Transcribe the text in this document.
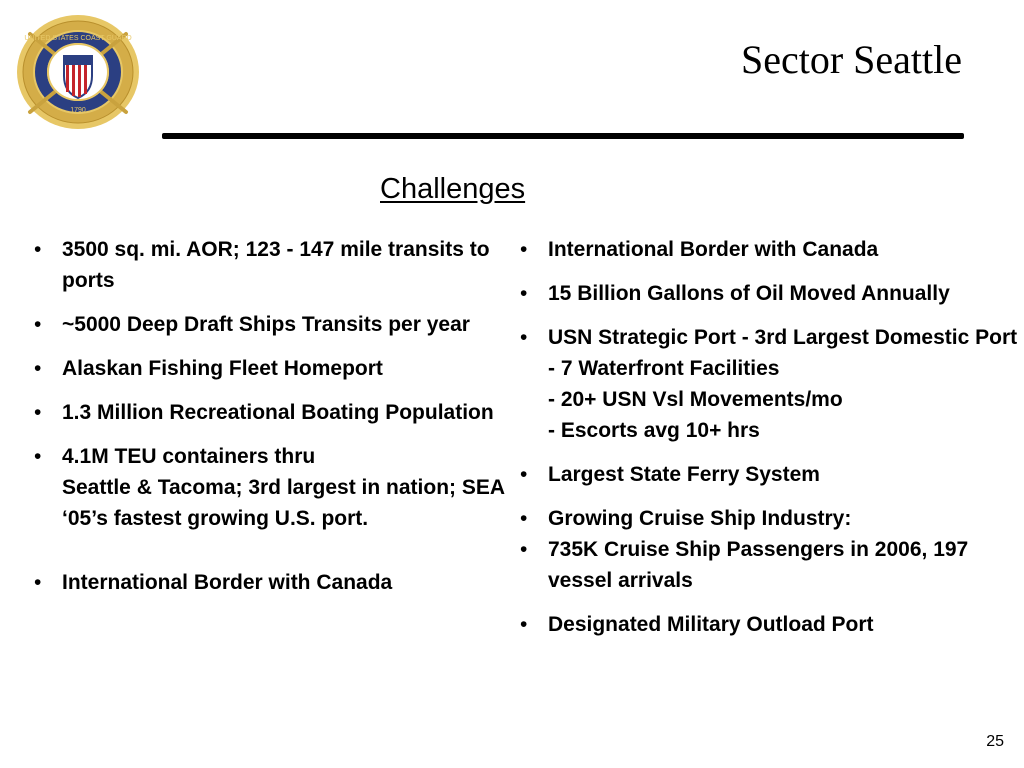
UNITED STATES COAST GUARD
1790
Sector Seattle
Challenges
• 3500 sq. mi. AOR; 123 - 147 mile transits to ports
• ~5000 Deep Draft Ships Transits per year
• Alaskan Fishing Fleet Homeport
• 1.3 Million Recreational Boating Population
• 4.1M TEU containers thru
Seattle & Tacoma; 3rd largest in nation; SEA ‘05’s fastest growing U.S. port.
• International Border with Canada
• International Border with Canada
• 15 Billion Gallons of Oil Moved Annually
• USN Strategic Port - 3rd Largest Domestic Port
- 7 Waterfront Facilities
- 20+ USN Vsl Movements/mo
- Escorts avg 10+ hrs
• Largest State Ferry System
• Growing Cruise Ship Industry:
• 735K Cruise Ship Passengers in 2006, 197 vessel arrivals
• Designated Military Outload Port
25
